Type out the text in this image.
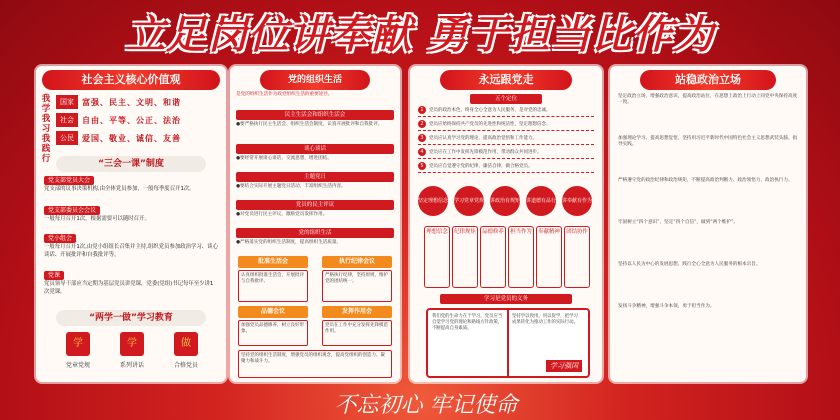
立足岗位讲奉献 勇于担当比作为
社会主义核心价值观
我学我习我践行
国家	富强、民主、文明、和谐
社会	自由、平等、公正、法治
公民	爱国、敬业、诚信、友善
“三会一课”制度
党支部党员大会
党支部的议事决策机构,由全体党员参加，一般每季度召开1次。
党支部委员会会议
一般每月召开1次，根据需要可以随时召开。
党小组会
一般每月召开1次,由党小组组长召集并主持,组织党员参加政治学习、谈心谈话、开展批评和自我批评等。
党课
党员领导干部应当定期为基层党员讲党课，党委(党组)书记每年至少讲1次党课。
“两学一做”学习教育
学	学	做
党章党规	系列讲话	合格党员
党的组织生活
是党的组织生活作为政党组织生活的重要途径。
民主生活会和组织生活会
●要严格执行民主生活会、组织生活会制度，认真开展批评和自我批评。
谈心谈话
●要经常开展谈心谈话，交流思想，增进团结。
主题党日
●要结合实际开展主题党日活动，丰富组织生活内容。
党员的民主评议
●对党员进行民主评议，激励党员发挥作用。
党的组织生活
●严格落实党的组织生活制度，提高组织生活质量。
批准生活会	执行纪律会议
认真组织批准生活会，开展批评与自我批评。
严格执行纪律，坚持原则，维护党的团结统一。
品德会议	发挥作用会
加强党员品德修养，树立良好形象。
党员在工作中充分发挥先锋模范作用。
坚持党的组织生活制度，增强党员的组织观念，提高党组织的创造力、凝聚力和战斗力。
永远跟党走
五个定位
1 党员的政治本色，终身全心全意为人民服务，是对党的忠诚。
2 党员应始终保持共产党员的先进性和纯洁性，坚定理想信念。
3 党员应认真学习党的理论，提高政治觉悟和工作能力。
4 党员应在工作中发挥先锋模范作用，带动群众共同进步。
5 党员应自觉遵守党的纪律，廉洁自律，做合格党员。
坚定理想信念 学习党章党规 讲政治有规矩 讲道德有品行 讲奉献有作为
理想信念	纪律规矩	品德修养	担当作为	奉献精神	团结协作
学习是党员的义务
我们党的生命力在于学习，党员应当自觉学习党的理论和路线方针政策，不断提高自身素质。
坚持学以致用、用以促学，把学习成果转化为推动工作的实际行动。
学习强国
站稳政治立场
坚定政治立场，增强政治意识，提高政治站位，在思想上政治上行动上同党中央保持高度一致。
加强理论学习，提高思想觉悟，坚持用习近平新时代中国特色社会主义思想武装头脑、指导实践。
严格遵守党的政治纪律和政治规矩，不断提高政治判断力、政治领悟力、政治执行力。
牢固树立“四个意识”，坚定“四个自信”，做到“两个维护”。
坚持以人民为中心的发展思想，践行全心全意为人民服务的根本宗旨。
发扬斗争精神，增强斗争本领，勇于担当作为。
不忘初心 牢记使命
